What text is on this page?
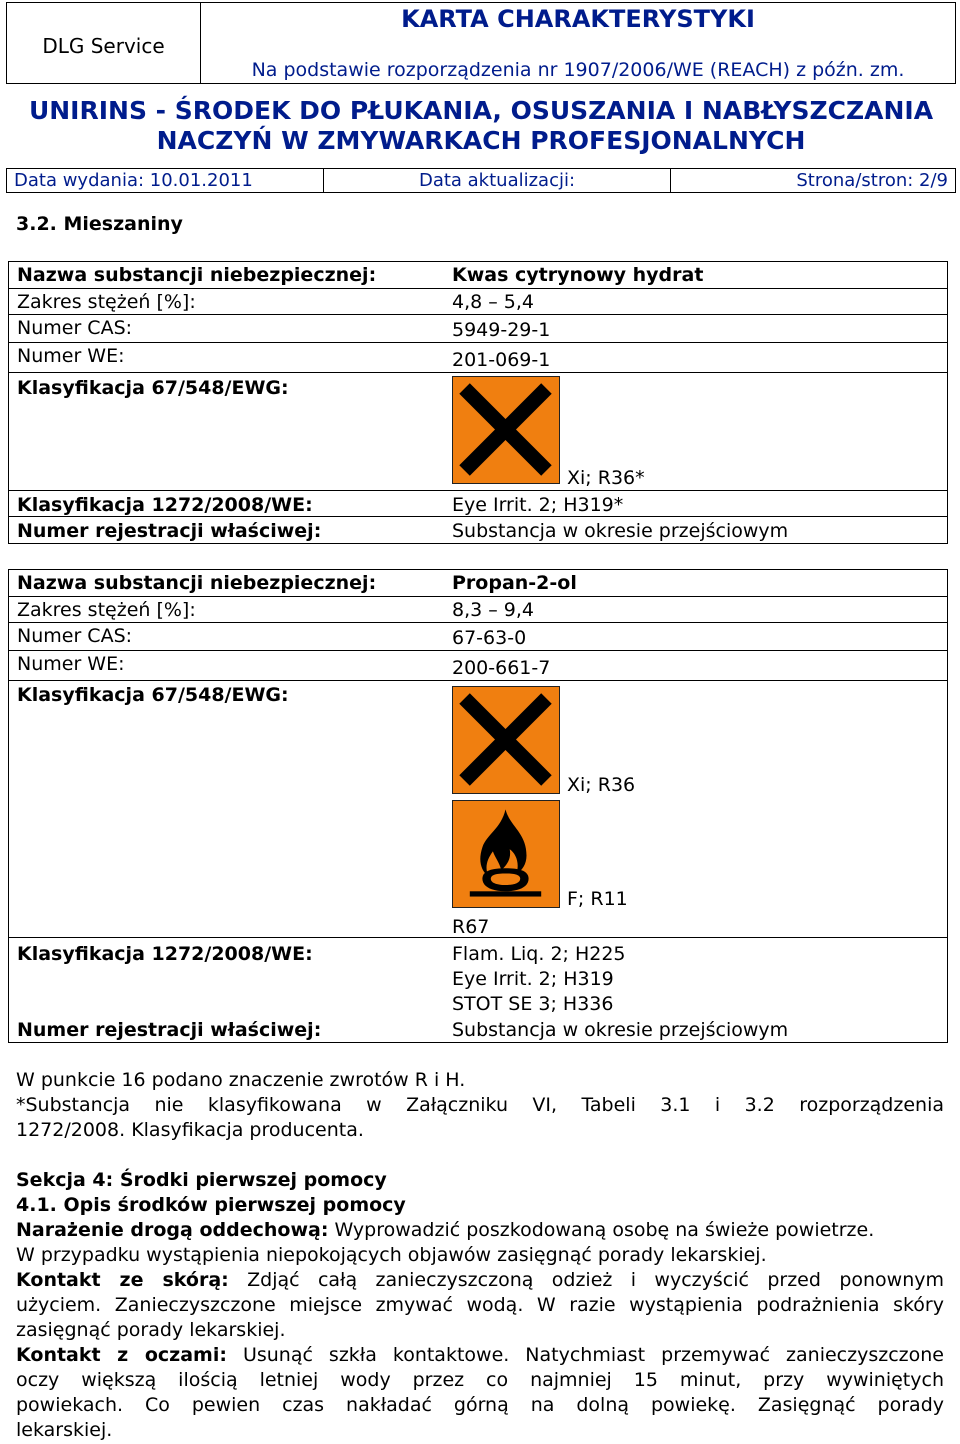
DLG Service
KARTA CHARAKTERYSTYKI
Na podstawie rozporządzenia nr 1907/2006/WE (REACH) z późn. zm.
UNIRINS - ŚRODEK DO PŁUKANIA, OSUSZANIA I NABŁYSZCZANIA
NACZYŃ W ZMYWARKACH PROFESJONALNYCH
Data wydania: 10.01.2011	Data aktualizacji:	Strona/stron: 2/9
3.2. Mieszaniny
Nazwa substancji niebezpiecznej:	Kwas cytrynowy hydrat
Zakres stężeń [%]:	4,8 – 5,4
Numer CAS:	5949-29-1
Numer WE:	201-069-1
Klasyfikacja 67/548/EWG:
Xi; R36*
Klasyfikacja 1272/2008/WE:	Eye Irrit. 2; H319*
Numer rejestracji właściwej:	Substancja w okresie przejściowym
Nazwa substancji niebezpiecznej:	Propan-2-ol
Zakres stężeń [%]:	8,3 – 9,4
Numer CAS:	67-63-0
Numer WE:	200-661-7
Klasyfikacja 67/548/EWG:
Xi; R36
F; R11
R67
Klasyfikacja 1272/2008/WE:	Flam. Liq. 2; H225
Eye Irrit. 2; H319
STOT SE 3; H336
Numer rejestracji właściwej:	Substancja w okresie przejściowym
W punkcie 16 podano znaczenie zwrotów R i H.
*Substancja nie klasyfikowana w Załączniku VI, Tabeli 3.1 i 3.2 rozporządzenia
1272/2008. Klasyfikacja producenta.
Sekcja 4: Środki pierwszej pomocy
4.1. Opis środków pierwszej pomocy
Narażenie drogą oddechową: Wyprowadzić poszkodowaną osobę na świeże powietrze.
W przypadku wystąpienia niepokojących objawów zasięgnąć porady lekarskiej.
Kontakt ze skórą: Zdjąć całą zanieczyszczoną odzież i wyczyścić przed ponownym
użyciem. Zanieczyszczone miejsce zmywać wodą. W razie wystąpienia podrażnienia skóry
zasięgnąć porady lekarskiej.
Kontakt z oczami: Usunąć szkła kontaktowe. Natychmiast przemywać zanieczyszczone
oczy większą ilością letniej wody przez co najmniej 15 minut, przy wywiniętych
powiekach. Co pewien czas nakładać górną na dolną powiekę. Zasięgnąć porady
lekarskiej.
